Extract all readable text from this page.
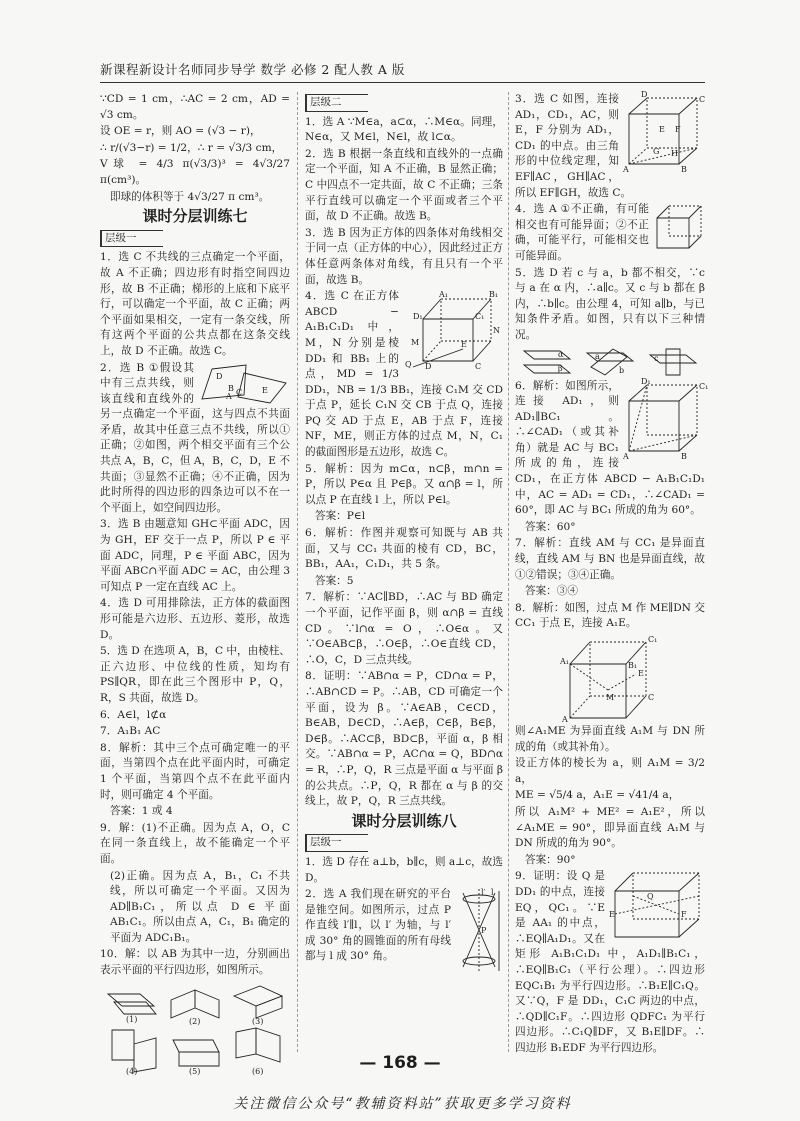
新课程新设计名师同步导学 数学 必修 2 配人教 A 版

∵CD = 1 cm，∴AC = 2 cm，AD = √3 cm。

设 OE = r，则 AO = (√3 − r)，

∴ r/(√3−r) = 1/2，∴ r = √3/3 cm，

V球 = 4/3 π(√3/3)³ = 4√3/27 π(cm³)。

即球的体积等于 4√3/27 π cm³。

课时分层训练七
层级一

1．选 C 不共线的三点确定一个平面，故 A 不正确；四边形有时指空间四边形，故 B 不正确；梯形的上底和下底平行，可以确定一个平面，故 C 正确；两个平面如果相交，一定有一条交线，所有这两个平面的公共点都在这条交线上，故 D 不正确。故选 C。

D
B C
A
E

2．选 B ①假设其中有三点共线，则该直线和直线外的另一点确定一个平面，这与四点不共面矛盾，故其中任意三点不共线，所以①正确；②如图，两个相交平面有三个公共点 A，B，C，但 A，B，C，D，E 不共面；③显然不正确；④不正确，因为此时所得的四边形的四条边可以不在一个平面上，如空间四边形。

3．选 B 由题意知 GH⊂平面 ADC，因为 GH，EF 交于一点 P，所以 P ∈ 平面 ADC，同理，P ∈ 平面 ABC，因为平面 ABC∩平面 ADC = AC，由公理 3 可知点 P 一定在直线 AC 上。

4．选 D 可用排除法，正方体的截面图形可能是六边形、五边形、菱形，故选 D。

5．选 D 在选项 A，B，C 中，由棱柱、正六边形、中位线的性质，知均有 PS∥QR，即在此三个图形中 P，Q，R，S 共面，故选 D。

6．A∈l，l⊄α

7．A₁B₁ AC

8．解析：其中三个点可确定唯一的平面，当第四个点在此平面内时，可确定 1 个平面，当第四个点不在此平面内时，则可确定 4 个平面。

答案：1 或 4

9．解：(1)不正确。因为点 A，O，C 在同一条直线上，故不能确定一个平面。

(2)正确。因为点 A，B₁，C₁ 不共线，所以可确定一个平面。又因为 AD∥B₁C₁，所以点 D ∈ 平面 AB₁C₁。所以由点 A，C₁，B₁ 确定的平面为 ADC₁B₁。

10．解：以 AB 为其中一边，分别画出表示平面的平行四边形，如图所示。

(1)	(2)	(3)
(4)	(5)	(6)
层级二

1．选 A ∵M∈a，a⊂α，∴M∈α。同理，N∈α，又 M∈l，N∈l，故 l⊂α。

2．选 B 根据一条直线和直线外的一点确定一个平面，知 A 不正确，B 显然正确；C 中四点不一定共面，故 C 不正确；三条平行直线可以确定一个平面或者三个平面，故 D 不正确。故选 B。

3．选 B 因为正方体的四条体对角线相交于同一点（正方体的中心），因此经过正方体任意两条体对角线，有且只有一个平面，故选 B。

A₁	B₁
D₁	C₁
N
M
Q D	C
E

4．选 C 在正方体 ABCD − A₁B₁C₁D₁ 中，M，N 分别是棱 DD₁ 和 BB₁ 上的点，MD = 1/3 DD₁，NB = 1/3 BB₁，连接 C₁M 交 CD 于点 P，延长 C₁N 交 CB 于点 Q，连接 PQ 交 AD 于点 E，AB 于点 F，连接 NF，ME，则正方体的过点 M，N，C₁ 的截面图形是五边形，故选 C。

5．解析：因为 m⊂α，n⊂β，m∩n = P，所以 P∈α 且 P∈β。又 α∩β = l，所以点 P 在直线 l 上，所以 P∈l。

答案：P∈l

6．解析：作图并观察可知既与 AB 共面，又与 CC₁ 共面的棱有 CD，BC，BB₁，AA₁，C₁D₁，共 5 条。

答案：5

7．解析：∵AC∥BD，∴AC 与 BD 确定一个平面，记作平面 β，则 α∩β = 直线 CD。∵l∩α = O，∴O∈α。又∵O∈AB⊂β，∴O∈β，∴O∈直线 CD，∴O，C，D 三点共线。

8．证明：∵AB∩α = P，CD∩α = P，∴AB∩CD = P。∴AB，CD 可确定一个平面，设为 β。∵A∈AB，C∈CD，B∈AB，D∈CD，∴A∈β，C∈β，B∈β，D∈β。∴AC⊂β，BD⊂β，平面 α，β 相交。∵AB∩α = P，AC∩α = Q，BD∩α = R，∴P，Q，R 三点是平面 α 与平面 β 的公共点。∴P，Q，R 都在 α 与 β 的交线上，故 P，Q，R 三点共线。

课时分层训练八
层级一

1．选 D 存在 a⊥b，b∥c，则 a⊥c，故选 D。

P
l
l′

2．选 A 我们现在研究的平台是锥空间。如图所示，过点 P 作直线 l′∥l，以 l′ 为轴，与 l′ 成 30° 角的圆锥面的所有母线都与 l 成 30° 角。

D
C
A	B
E F
G H

3．选 C 如图，连接 AD₁，CD₁，AC，则 E，F 分别为 AD₁，CD₁ 的中点。由三角形的中位线定理，知 EF∥AC，GH∥AC，所以 EF∥GH，故选 C。

4．选 A ①不正确，有可能相交也有可能异面；②不正确，可能平行，可能相交也可能异面。

5．选 D 若 c 与 a，b 都不相交，∵c 与 a 在 α 内，∴a∥c。又 c 与 b 都在 β 内，∴b∥c。由公理 4，可知 a∥b，与已知条件矛盾。如图，只有以下三种情况。

α
β
a
b
c
D₁
C₁
A	B

6．解析：如图所示，连接 AD₁，则 AD₁∥BC₁。∴∠CAD₁（或其补角）就是 AC 与 BC₁ 所成的角，连接 CD₁，在正方体 ABCD − A₁B₁C₁D₁ 中，AC = AD₁ = CD₁，∴∠CAD₁ = 60°，即 AC 与 BC₁ 所成的角为 60°。

答案：60°

7．解析：直线 AM 与 CC₁ 是异面直线，直线 AM 与 BN 也是异面直线，故①②错误；③④正确。

答案：③④

8．解析：如图，过点 M 作 ME∥DN 交 CC₁ 于点 E，连接 A₁E。

A₁
C₁
M
E
B₁
A
C

则∠A₁ME 为异面直线 A₁M 与 DN 所成的角（或其补角）。

设正方体的棱长为 a，则 A₁M = 3/2 a，

ME = √5/4 a，A₁E = √41/4 a，

所以 A₁M² + ME² = A₁E²，所以∠A₁ME = 90°，即异面直线 A₁M 与 DN 所成的角为 90°。

答案：90°

Q
E	F

9．证明：设 Q 是 DD₁ 的中点，连接 EQ，QC₁。∵E 是 AA₁ 的中点，∴EQ∥A₁D₁。又在矩形 A₁B₁C₁D₁ 中，A₁D₁∥B₁C₁，∴EQ∥B₁C₁（平行公理）。∴四边形 EQC₁B₁ 为平行四边形。∴B₁E∥C₁Q。又∵Q，F 是 DD₁，C₁C 两边的中点，∴QD∥C₁F。∴四边形 QDFC₁ 为平行四边形。∴C₁Q∥DF，又 B₁E∥DF。∴四边形 B₁EDF 为平行四边形。

— 168 —
关注微信公众号“教辅资料站”获取更多学习资料
